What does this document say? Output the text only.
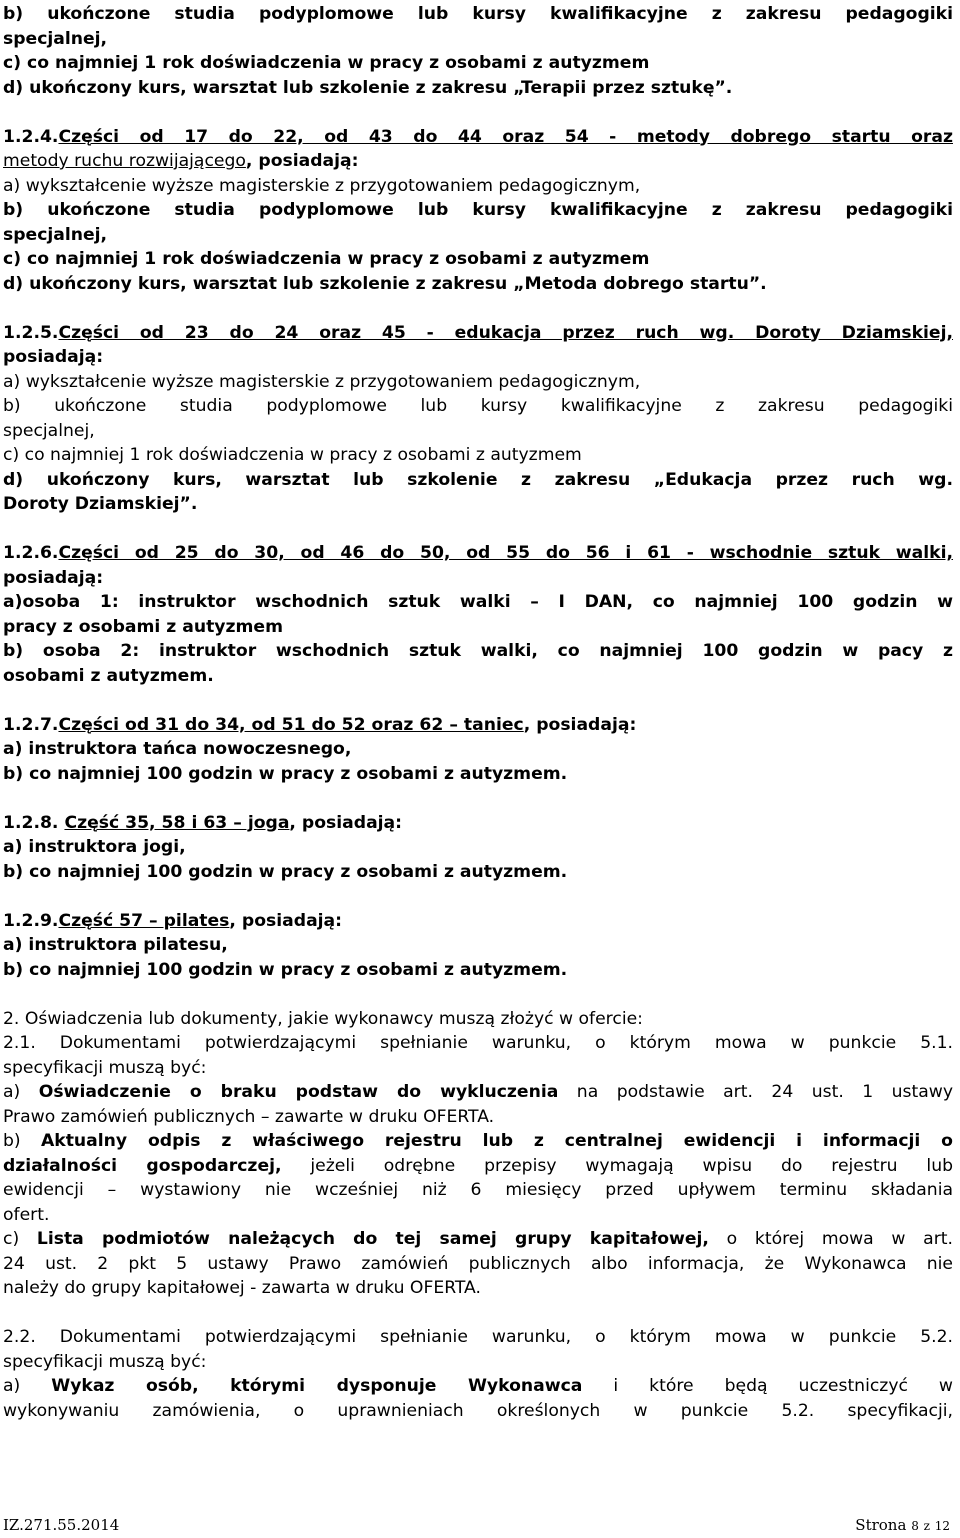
b) ukończone studia podyplomowe lub kursy kwalifikacyjne z zakresu pedagogiki
specjalnej,
c) co najmniej 1 rok doświadczenia w pracy z osobami z autyzmem
d) ukończony kurs, warsztat lub szkolenie z zakresu „Terapii przez sztukę”.
1.2.4.Części od 17 do 22, od 43 do 44 oraz 54 - metody dobrego startu oraz
metody ruchu rozwijającego, posiadają:
a) wykształcenie wyższe magisterskie z przygotowaniem pedagogicznym,
b) ukończone studia podyplomowe lub kursy kwalifikacyjne z zakresu pedagogiki
specjalnej,
c) co najmniej 1 rok doświadczenia w pracy z osobami z autyzmem
d) ukończony kurs, warsztat lub szkolenie z zakresu „Metoda dobrego startu”.
1.2.5.Części od 23 do 24 oraz 45 - edukacja przez ruch wg. Doroty Dziamskiej,
posiadają:
a) wykształcenie wyższe magisterskie z przygotowaniem pedagogicznym,
b) ukończone studia podyplomowe lub kursy kwalifikacyjne z zakresu pedagogiki
specjalnej,
c) co najmniej 1 rok doświadczenia w pracy z osobami z autyzmem
d) ukończony kurs, warsztat lub szkolenie z zakresu „Edukacja przez ruch wg.
Doroty Dziamskiej”.
1.2.6.Części od 25 do 30, od 46 do 50, od 55 do 56 i 61 - wschodnie sztuk walki,
posiadają:
a)osoba 1: instruktor wschodnich sztuk walki – I DAN, co najmniej 100 godzin w
pracy z osobami z autyzmem
b) osoba 2: instruktor wschodnich sztuk walki, co najmniej 100 godzin w pacy z
osobami z autyzmem.
1.2.7.Części od 31 do 34, od 51 do 52 oraz 62 – taniec, posiadają:
a) instruktora tańca nowoczesnego,
b) co najmniej 100 godzin w pracy z osobami z autyzmem.
1.2.8. Część 35, 58 i 63 – joga, posiadają:
a) instruktora jogi,
b) co najmniej 100 godzin w pracy z osobami z autyzmem.
1.2.9.Część 57 – pilates, posiadają:
a) instruktora pilatesu,
b) co najmniej 100 godzin w pracy z osobami z autyzmem.
2. Oświadczenia lub dokumenty, jakie wykonawcy muszą złożyć w ofercie:
2.1. Dokumentami potwierdzającymi spełnianie warunku, o którym mowa w punkcie 5.1.
specyfikacji muszą być:
a) Oświadczenie o braku podstaw do wykluczenia na podstawie art. 24 ust. 1 ustawy
Prawo zamówień publicznych – zawarte w druku OFERTA.
b) Aktualny odpis z właściwego rejestru lub z centralnej ewidencji i informacji o
działalności gospodarczej, jeżeli odrębne przepisy wymagają wpisu do rejestru lub
ewidencji – wystawiony nie wcześniej niż 6 miesięcy przed upływem terminu składania
ofert.
c) Lista podmiotów należących do tej samej grupy kapitałowej, o której mowa w art.
24 ust. 2 pkt 5 ustawy Prawo zamówień publicznych albo informacja, że Wykonawca nie
należy do grupy kapitałowej - zawarta w druku OFERTA.
2.2. Dokumentami potwierdzającymi spełnianie warunku, o którym mowa w punkcie 5.2.
specyfikacji muszą być:
a) Wykaz osób, którymi dysponuje Wykonawca i które będą uczestniczyć w
wykonywaniu zamówienia, o uprawnieniach określonych w punkcie 5.2. specyfikacji,
IZ.271.55.2014	Strona 8 z 12
